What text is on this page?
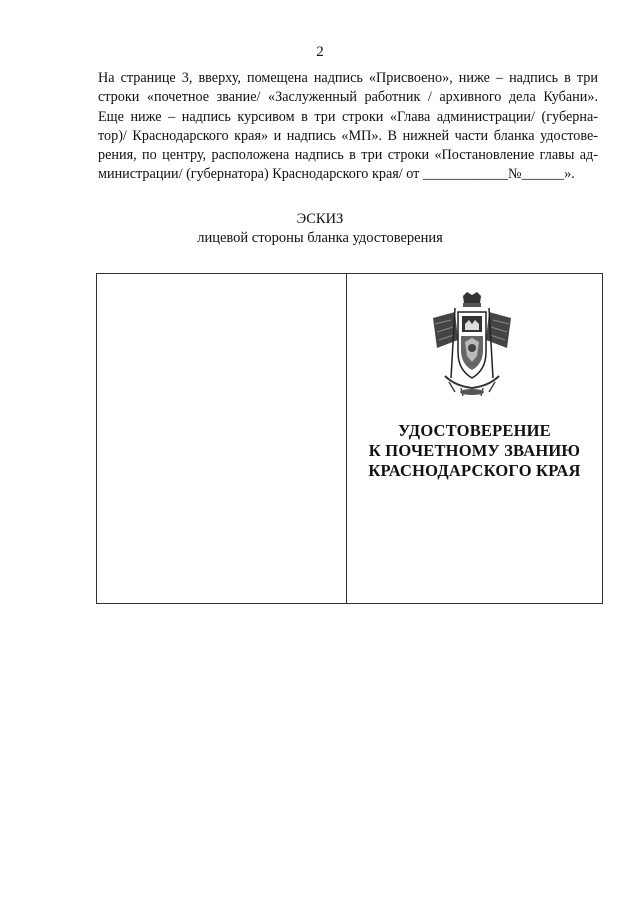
2

На странице 3, вверху, помещена надпись «Присвоено», ниже – надпись в три
строки «почетное звание/ «Заслуженный работник / архивного дела Кубани».
Еще ниже – надпись курсивом в три строки «Глава администрации/ (губерна-
тор)/ Краснодарского края» и надпись «МП». В нижней части бланка удостове-
рения, по центру, расположена надпись в три строки «Постановление главы ад-
министрации/ (губернатора) Краснодарского края/ от ____________№______».

ЭСКИЗ
лицевой стороны бланка удостоверения
УДОСТОВЕРЕНИЕ
К ПОЧЕТНОМУ ЗВАНИЮ
КРАСНОДАРСКОГО КРАЯ
